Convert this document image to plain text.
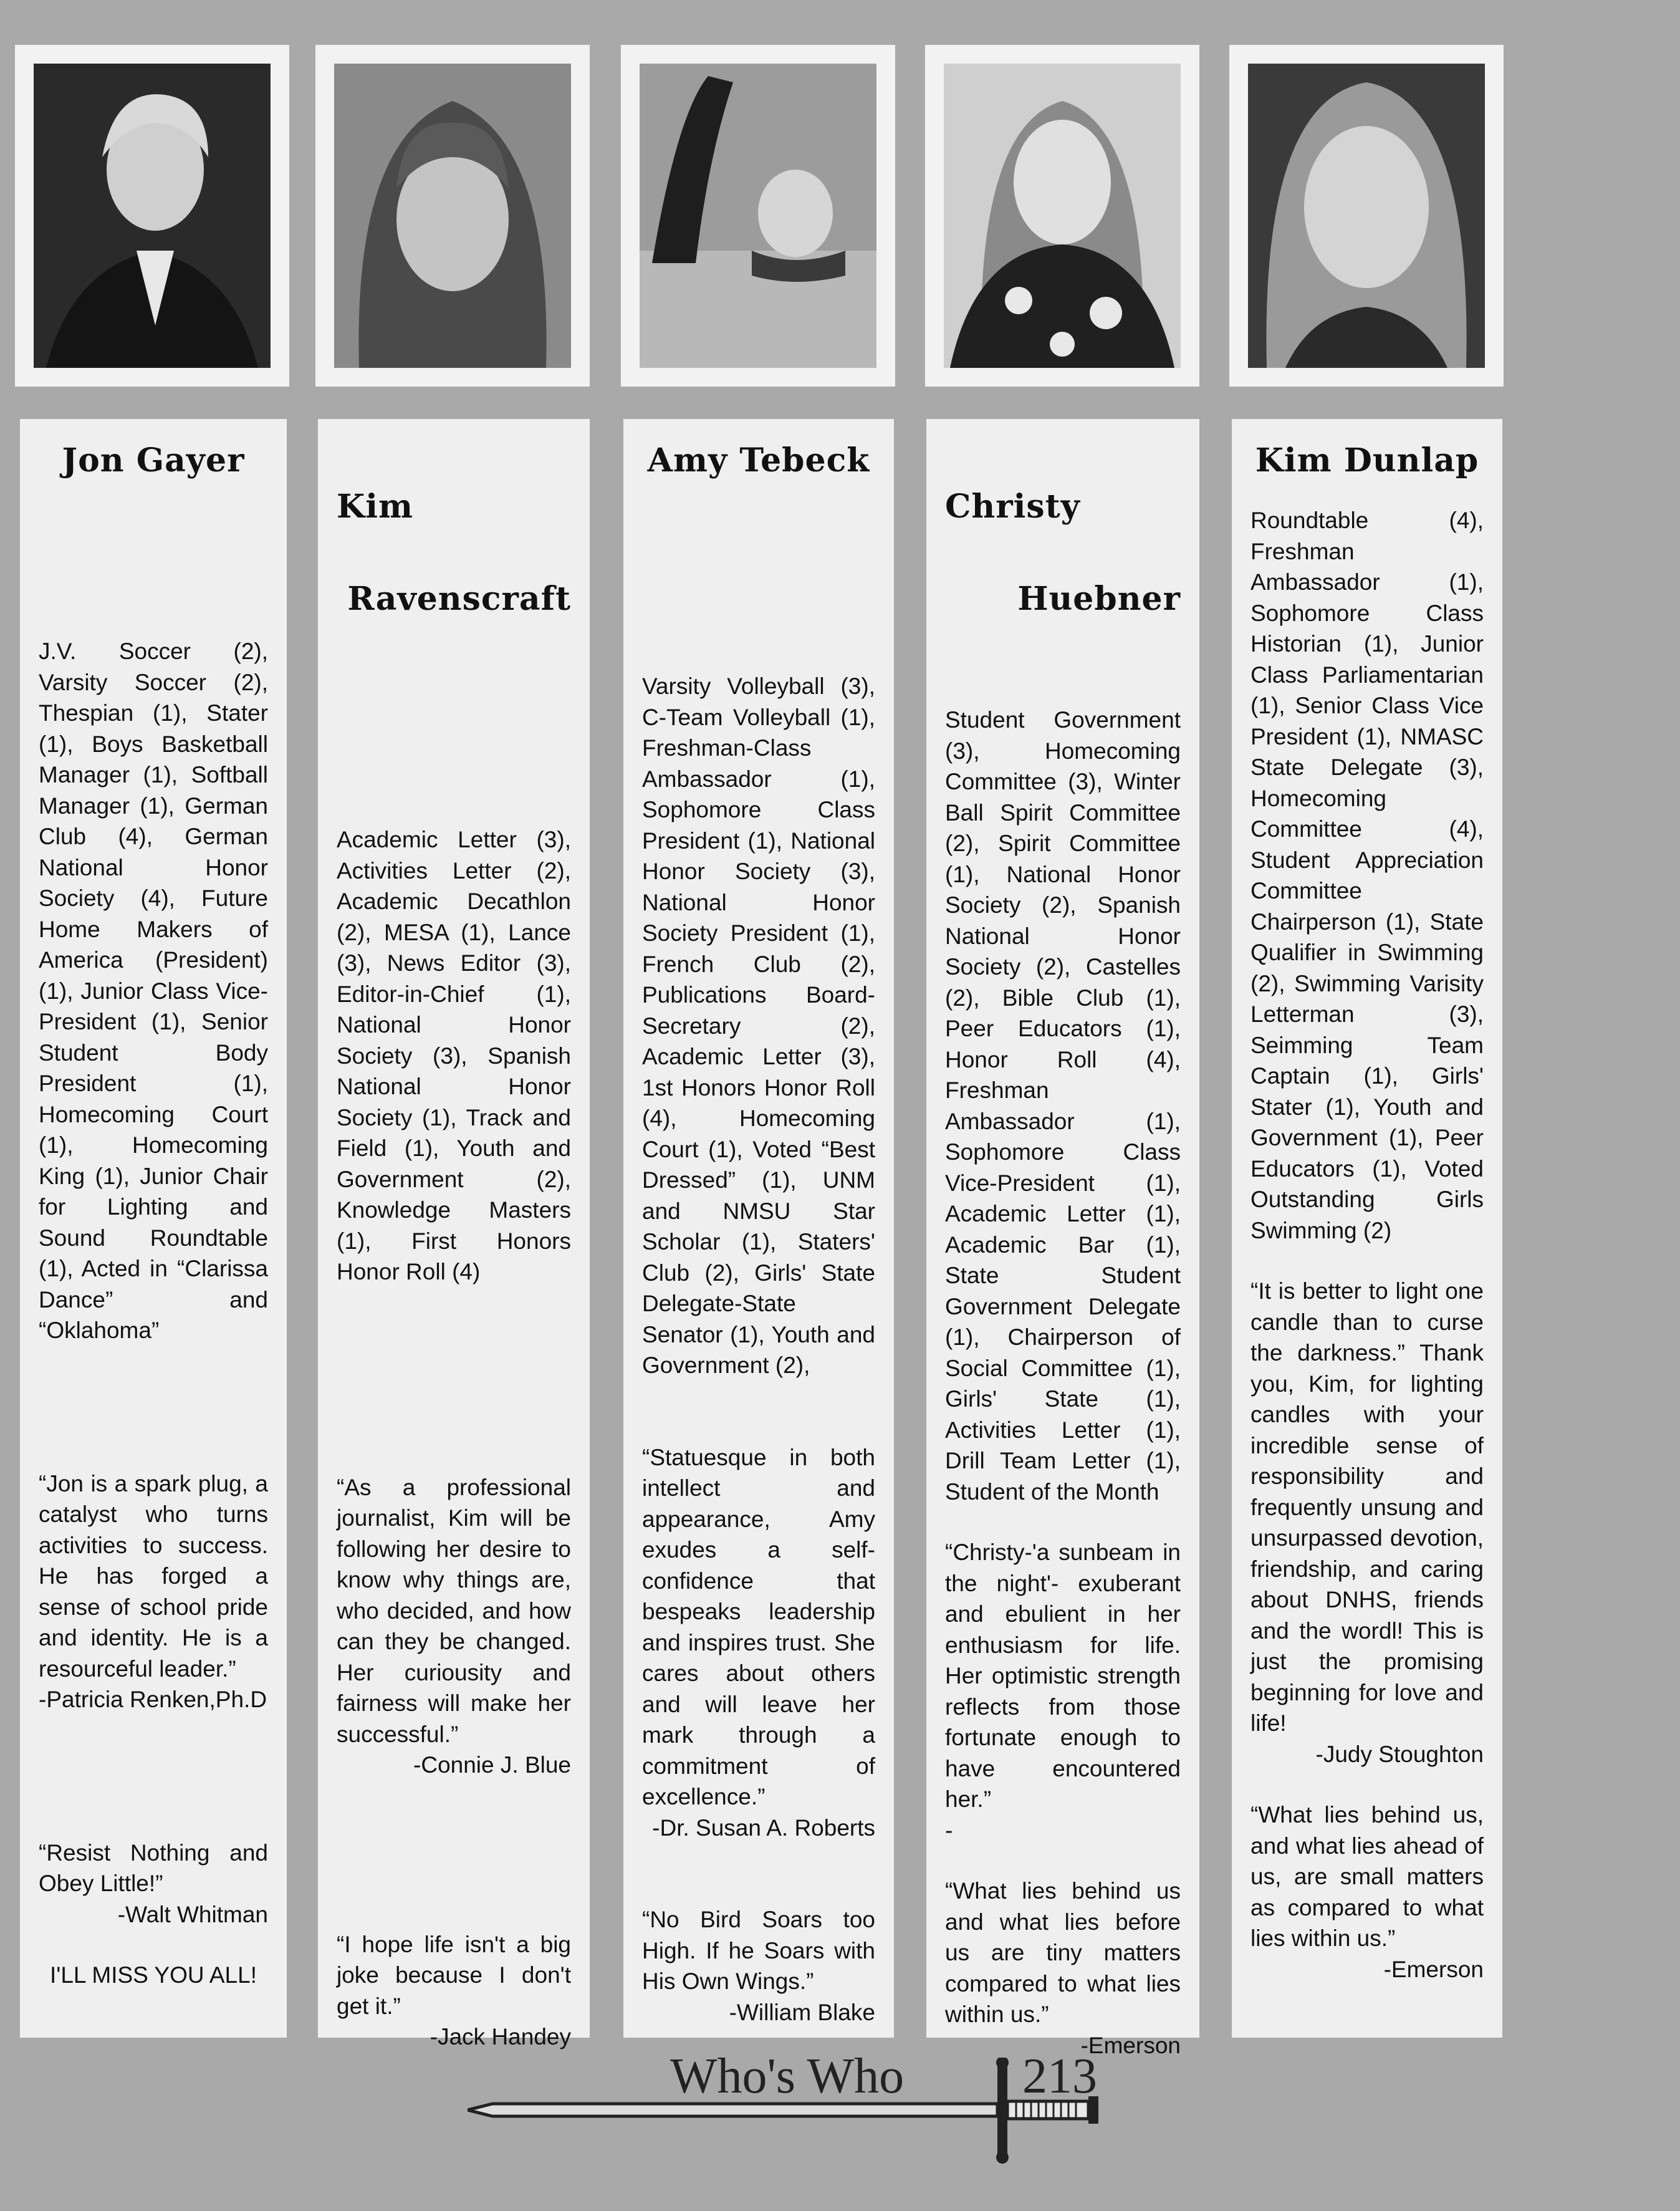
Jon Gayer

J.V. Soccer (2), Varsity Soccer (2), Thespian (1), Stater (1), Boys Basketball Manager (1), Softball Manager (1), German Club (4), German National Honor Society (4), Future Home Makers of America (President) (1), Junior Class Vice-President (1), Senior Student Body President (1), Homecoming Court (1), Homecoming King (1), Junior Chair for Lighting and Sound Roundtable (1), Acted in “Clarissa Dance” and “Oklahoma”

“Jon is a spark plug, a catalyst who turns activities to success. He has forged a sense of school pride and identity. He is a resourceful leader.”

-Patricia Renken,Ph.D

“Resist Nothing and Obey Little!”

-Walt Whitman

I'LL MISS YOU ALL!

Kim

Ravenscraft

Academic Letter (3), Activities Letter (2), Academic Decathlon (2), MESA (1), Lance (3), News Editor (3), Editor-in-Chief (1), National Honor Society (3), Spanish National Honor Society (1), Track and Field (1), Youth and Government (2), Knowledge Masters (1), First Honors Honor Roll (4)

“As a professional journalist, Kim will be following her desire to know why things are, who decided, and how can they be changed. Her curiousity and fairness will make her successful.”

-Connie J. Blue

“I hope life isn't a big joke because I don't get it.”

-Jack Handey

Amy Tebeck

Varsity Volleyball (3), C-Team Volleyball (1), Freshman-Class Ambassador (1), Sophomore Class President (1), National Honor Society (3), National Honor Society President (1), French Club (2), Publications Board-Secretary (2), Academic Letter (3), 1st Honors Honor Roll (4), Homecoming Court (1), Voted “Best Dressed” (1), UNM and NMSU Star Scholar (1), Staters' Club (2), Girls' State Delegate-State Senator (1), Youth and Government (2),

“Statuesque in both intellect and appearance, Amy exudes a self-confidence that bespeaks leadership and inspires trust. She cares about others and will leave her mark through a commitment of excellence.”

-Dr. Susan A. Roberts

“No Bird Soars too High. If he Soars with His Own Wings.”

-William Blake

Christy

Huebner

Student Government (3), Homecoming Committee (3), Winter Ball Spirit Committee (2), Spirit Committee (1), National Honor Society (2), Spanish National Honor Society (2), Castelles (2), Bible Club (1), Peer Educators (1), Honor Roll (4), Freshman Ambassador (1), Sophomore Class Vice-President (1), Academic Letter (1), Academic Bar (1), State Student Government Delegate (1), Chairperson of Social Committee (1), Girls' State (1), Activities Letter (1), Drill Team Letter (1), Student of the Month

“Christy-'a sunbeam in the night'- exuberant and ebulient in her enthusiasm for life. Her optimistic strength reflects from those fortunate enough to have encountered her.”

-

“What lies behind us and what lies before us are tiny matters compared to what lies within us.”

-Emerson

Kim Dunlap

Roundtable (4), Freshman Ambassador (1), Sophomore Class Historian (1), Junior Class Parliamentarian (1), Senior Class Vice President (1), NMASC State Delegate (3), Homecoming Committee (4), Student Appreciation Committee Chairperson (1), State Qualifier in Swimming (2), Swimming Varisity Letterman (3), Seimming Team Captain (1), Girls' Stater (1), Youth and Government (1), Peer Educators (1), Voted Outstanding Girls Swimming (2)

“It is better to light one candle than to curse the darkness.” Thank you, Kim, for lighting candles with your incredible sense of responsibility and frequently unsung and unsurpassed devotion, friendship, and caring about DNHS, friends and the wordl! This is just the promising beginning for love and life!

-Judy Stoughton

“What lies behind us, and what lies ahead of us, are small matters as compared to what lies within us.”

-Emerson

Who's Who 213
